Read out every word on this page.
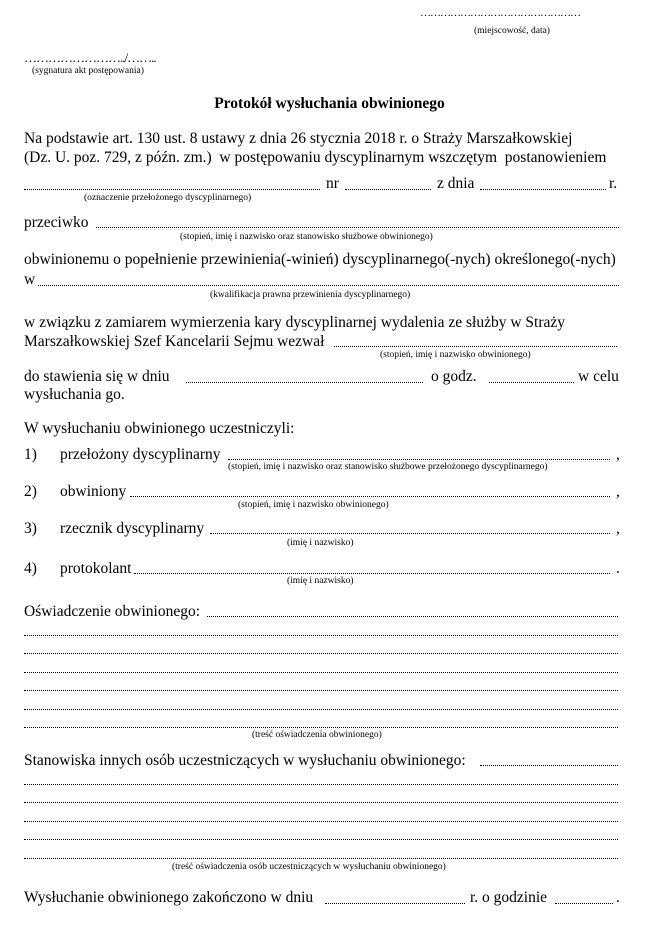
…………………………………………
(miejscowość, data)
……………………../……..
(sygnatura akt postępowania)
Protokół wysłuchania obwinionego
Na podstawie art. 130 ust. 8 ustawy z dnia 26 stycznia 2018 r. o Straży Marszałkowskiej
(Dz. U. poz. 729, z późn. zm.)  w postępowaniu dyscyplinarnym wszczętym  postanowieniem
nr	z dnia	r.
(oznaczenie przełożonego dyscyplinarnego)
przeciwko
(stopień, imię i nazwisko oraz stanowisko służbowe obwinionego)
obwinionemu o popełnienie przewinienia(-winień) dyscyplinarnego(-nych) określonego(-nych)
w
(kwalifikacja prawna przewinienia dyscyplinarnego)
w związku z zamiarem wymierzenia kary dyscyplinarnej wydalenia ze służby w Straży
Marszałkowskiej Szef Kancelarii Sejmu wezwał
(stopień, imię i nazwisko obwinionego)
do stawienia się w dniu	o godz.	w celu
wysłuchania go.
W wysłuchaniu obwinionego uczestniczyli:
1) przełożony dyscyplinarny	,
(stopień, imię i nazwisko oraz stanowisko służbowe przełożonego dyscyplinarnego)
2) obwiniony	,
(stopień, imię i nazwisko obwinionego)
3) rzecznik dyscyplinarny	,
(imię i nazwisko)
4) protokolant	.
(imię i nazwisko)
Oświadczenie obwinionego:
(treść oświadczenia obwinionego)
Stanowiska innych osób uczestniczących w wysłuchaniu obwinionego:
(treść oświadczenia osób uczestniczących w wysłuchaniu obwinionego)
Wysłuchanie obwinionego zakończono w dniu	r. o godzinie	.
